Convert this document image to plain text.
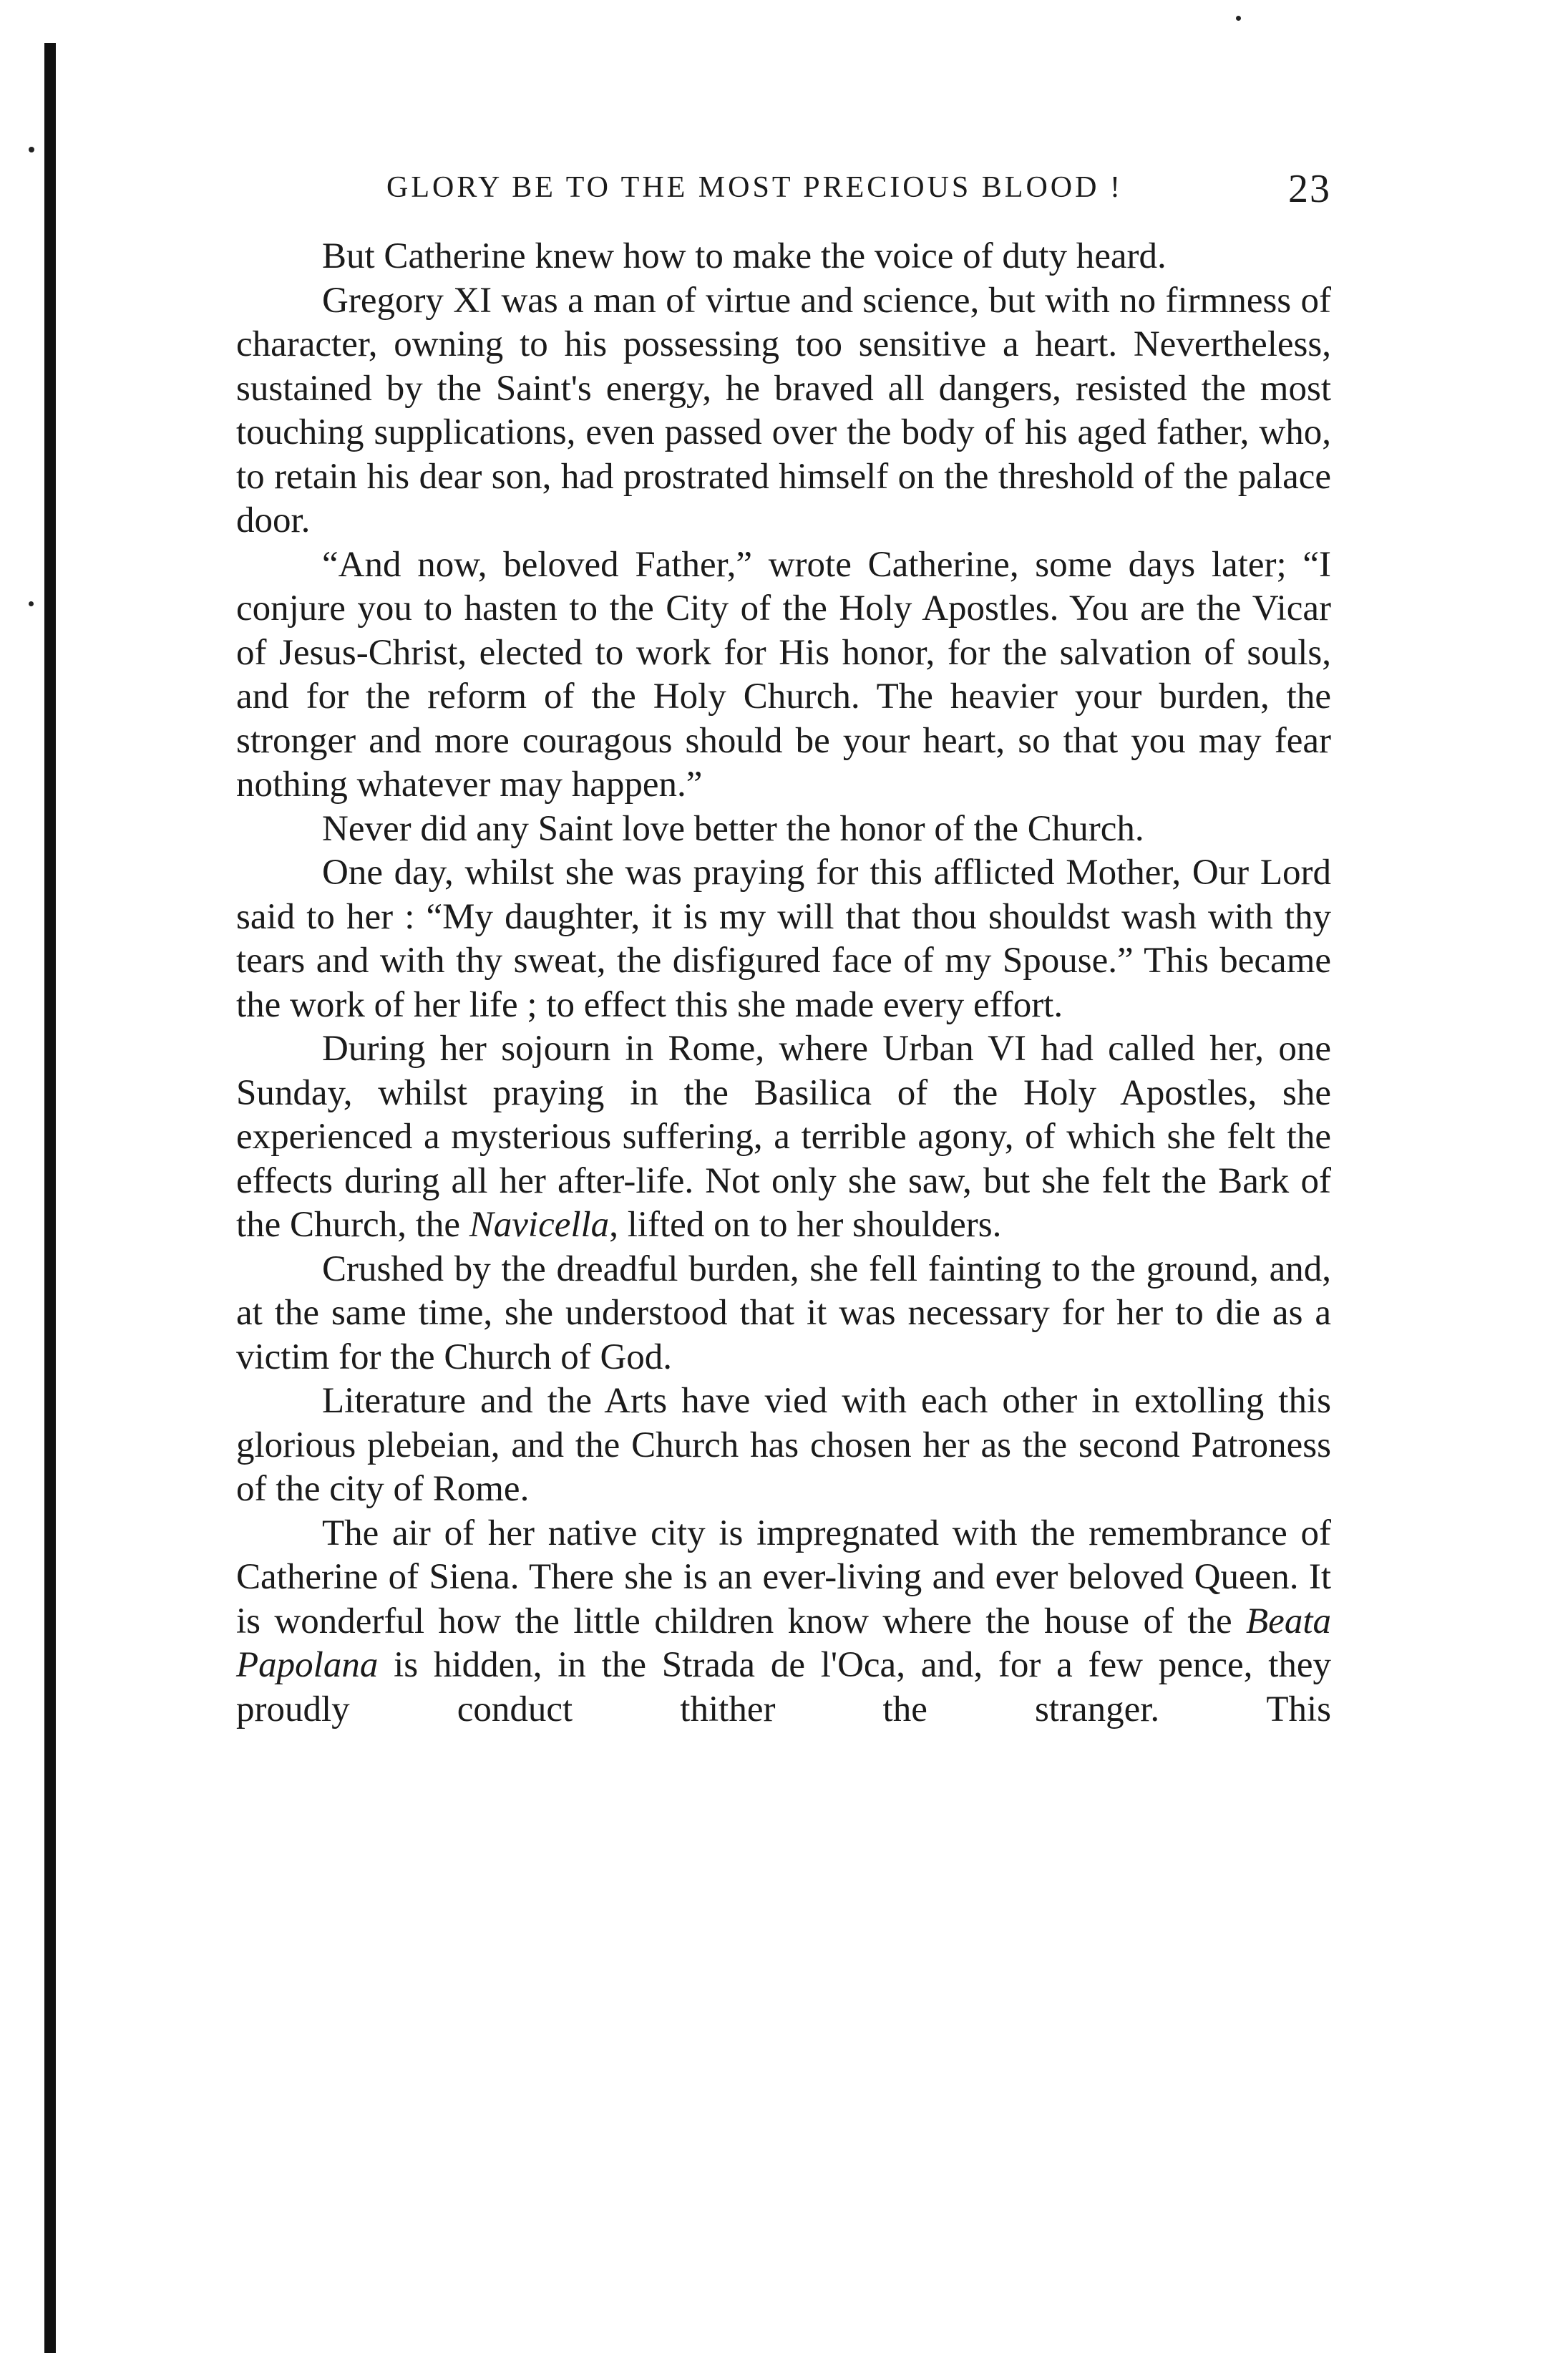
GLORY BE TO THE MOST PRECIOUS BLOOD !	23

But Catherine knew how to make the voice of duty heard.

Gregory XI was a man of virtue and science, but with no firmness of character, owning to his possessing too sensitive a heart. Nevertheless, sustained by the Saint's energy, he braved all dangers, resisted the most touching supplications, even passed over the body of his aged father, who, to retain his dear son, had prostrated himself on the threshold of the palace door.

“And now, beloved Father,” wrote Catherine, some days later; “I conjure you to hasten to the City of the Holy Apostles. You are the Vicar of Jesus-Christ, elected to work for His honor, for the salvation of souls, and for the reform of the Holy Church. The heavier your burden, the stronger and more couragous should be your heart, so that you may fear nothing whatever may happen.”

Never did any Saint love better the honor of the Church.

One day, whilst she was praying for this afflicted Mother, Our Lord said to her : “My daughter, it is my will that thou shouldst wash with thy tears and with thy sweat, the disfigured face of my Spouse.” This became the work of her life ; to effect this she made every effort.

During her sojourn in Rome, where Urban VI had called her, one Sunday, whilst praying in the Basilica of the Holy Apostles, she experienced a mysterious suffering, a terrible agony, of which she felt the effects during all her after-life. Not only she saw, but she felt the Bark of the Church, the Navicella, lifted on to her shoulders.

Crushed by the dreadful burden, she fell fainting to the ground, and, at the same time, she understood that it was necessary for her to die as a victim for the Church of God.

Literature and the Arts have vied with each other in extolling this glorious plebeian, and the Church has chosen her as the second Patroness of the city of Rome.

The air of her native city is impregnated with the remembrance of Catherine of Siena. There she is an ever-living and ever beloved Queen. It is wonderful how the little children know where the house of the Beata Papolana is hidden, in the Strada de l'Oca, and, for a few pence, they proudly conduct thither the stranger. This
